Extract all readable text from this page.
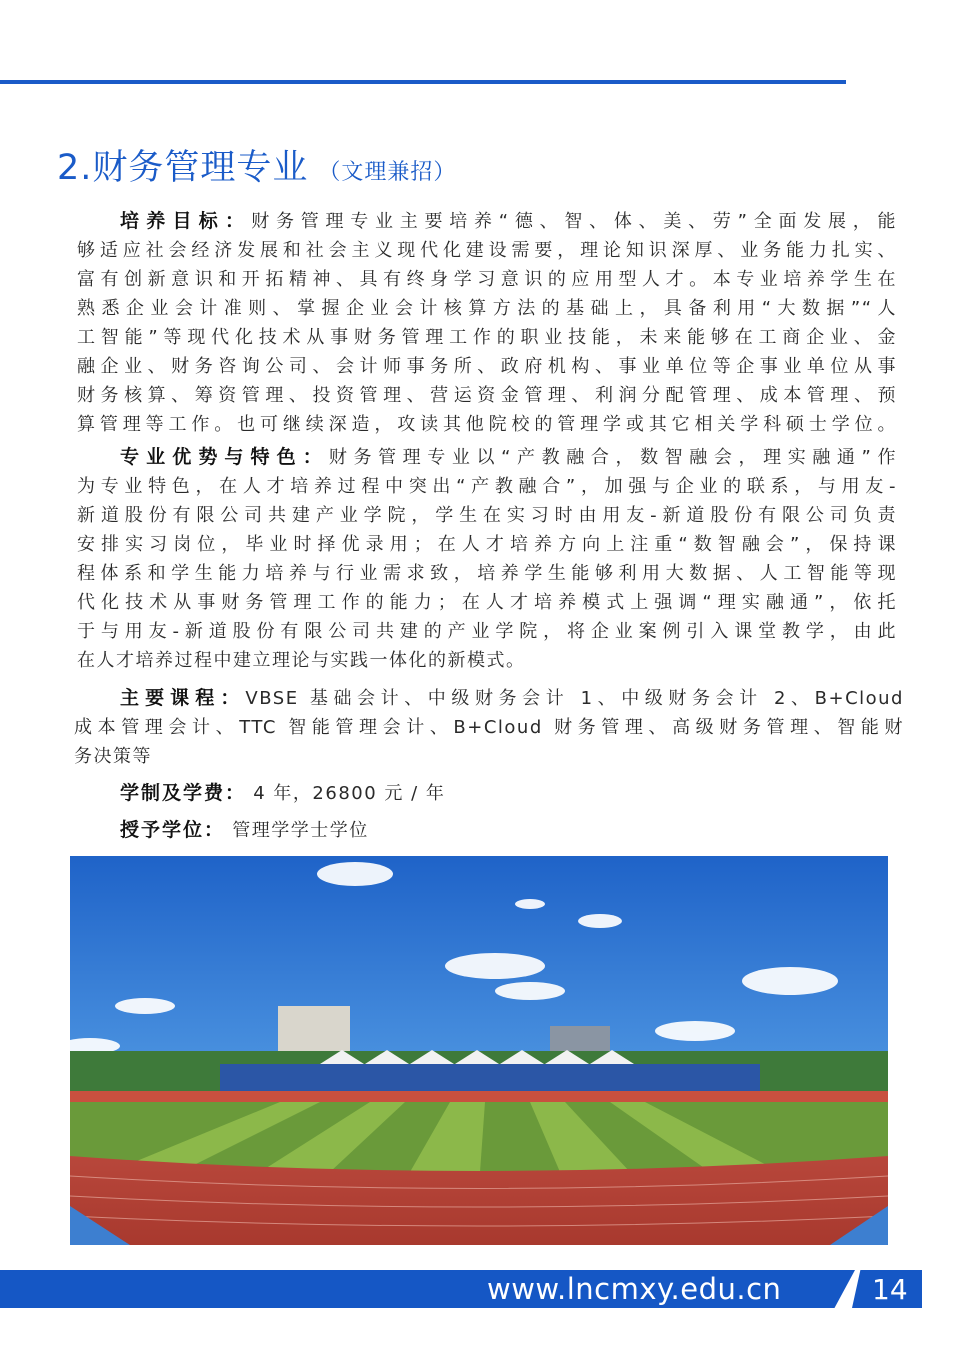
2.财务管理专业 （文理兼招）
培养目标：财务管理专业主要培养“德、智、体、美、劳”全面发展，能
够适应社会经济发展和社会主义现代化建设需要，理论知识深厚、业务能力扎实、
富有创新意识和开拓精神、具有终身学习意识的应用型人才。本专业培养学生在
熟悉企业会计准则、掌握企业会计核算方法的基础上，具备利用“大数据”“人
工智能”等现代化技术从事财务管理工作的职业技能，未来能够在工商企业、金
融企业、财务咨询公司、会计师事务所、政府机构、事业单位等企事业单位从事
财务核算、筹资管理、投资管理、营运资金管理、利润分配管理、成本管理、预
算管理等工作。也可继续深造，攻读其他院校的管理学或其它相关学科硕士学位。
专业优势与特色：财务管理专业以“产教融合，数智融会，理实融通”作
为专业特色，在人才培养过程中突出“产教融合”，加强与企业的联系，与用友-
新道股份有限公司共建产业学院，学生在实习时由用友-新道股份有限公司负责
安排实习岗位，毕业时择优录用；在人才培养方向上注重“数智融会”，保持课
程体系和学生能力培养与行业需求致，培养学生能够利用大数据、人工智能等现
代化技术从事财务管理工作的能力；在人才培养模式上强调“理实融通”，依托
于与用友-新道股份有限公司共建的产业学院，将企业案例引入课堂教学，由此
在人才培养过程中建立理论与实践一体化的新模式。
主要课程：VBSE 基础会计、中级财务会计 1、中级财务会计 2、B+Cloud
成本管理会计、TTC 智能管理会计、B+Cloud 财务管理、高级财务管理、智能财
务决策等
学制及学费： 4 年，26800 元 / 年
授予学位： 管理学学士学位
www.lncmxy.edu.cn	14
